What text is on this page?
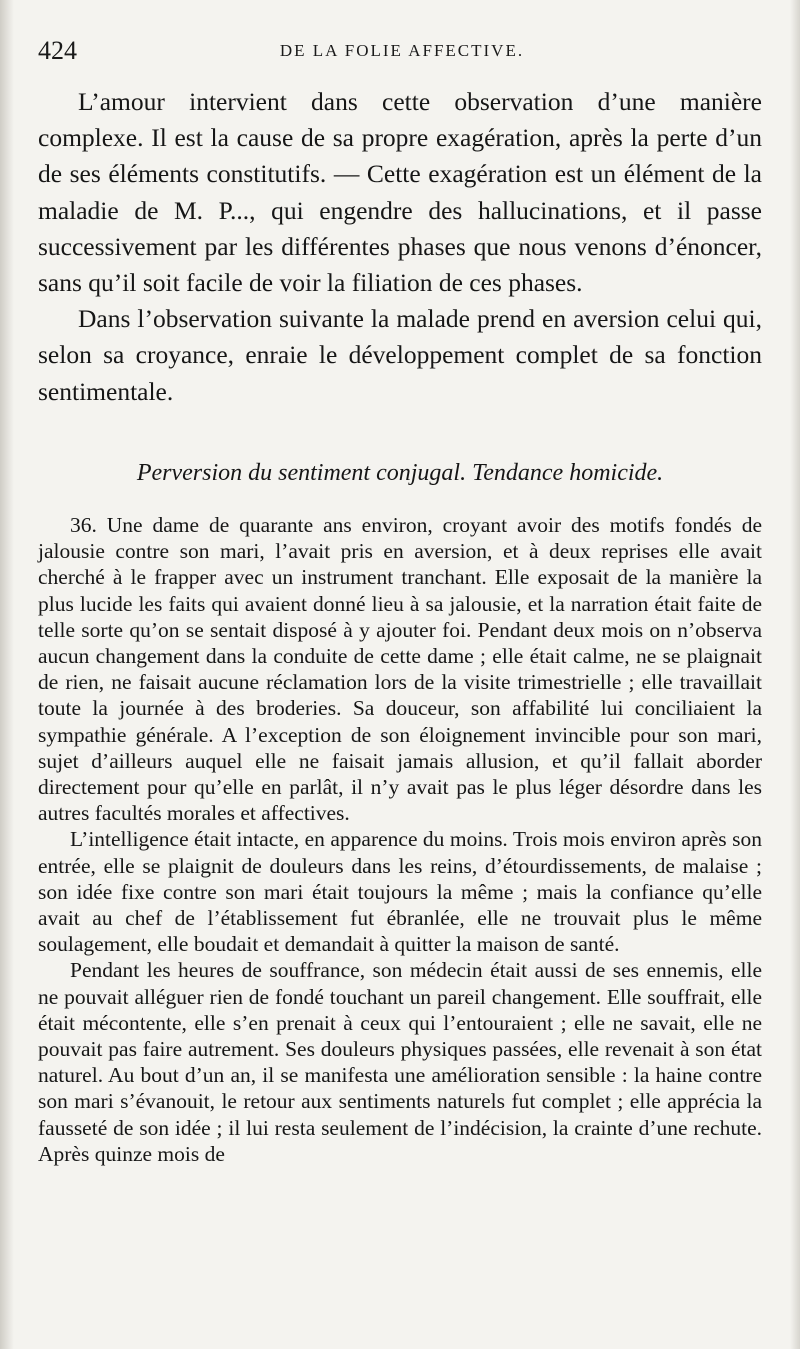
424	DE LA FOLIE AFFECTIVE.

L’amour intervient dans cette observation d’une manière complexe. Il est la cause de sa propre exagération, après la perte d’un de ses éléments constitutifs. — Cette exagération est un élément de la maladie de M. P..., qui engendre des hallucinations, et il passe successivement par les différentes phases que nous venons d’énoncer, sans qu’il soit facile de voir la filiation de ces phases.

Dans l’observation suivante la malade prend en aversion celui qui, selon sa croyance, enraie le développement complet de sa fonction sentimentale.

Perversion du sentiment conjugal. Tendance homicide.

36. Une dame de quarante ans environ, croyant avoir des motifs fondés de jalousie contre son mari, l’avait pris en aversion, et à deux reprises elle avait cherché à le frapper avec un instrument tranchant. Elle exposait de la manière la plus lucide les faits qui avaient donné lieu à sa jalousie, et la narration était faite de telle sorte qu’on se sentait disposé à y ajouter foi. Pendant deux mois on n’observa aucun changement dans la conduite de cette dame ; elle était calme, ne se plaignait de rien, ne faisait aucune réclamation lors de la visite trimestrielle ; elle travaillait toute la journée à des broderies. Sa douceur, son affabilité lui conciliaient la sympathie générale. A l’exception de son éloignement invincible pour son mari, sujet d’ailleurs auquel elle ne faisait jamais allusion, et qu’il fallait aborder directement pour qu’elle en parlât, il n’y avait pas le plus léger désordre dans les autres facultés morales et affectives.

L’intelligence était intacte, en apparence du moins. Trois mois environ après son entrée, elle se plaignit de douleurs dans les reins, d’étourdissements, de malaise ; son idée fixe contre son mari était toujours la même ; mais la confiance qu’elle avait au chef de l’établissement fut ébranlée, elle ne trouvait plus le même soulagement, elle boudait et demandait à quitter la maison de santé.

Pendant les heures de souffrance, son médecin était aussi de ses ennemis, elle ne pouvait alléguer rien de fondé touchant un pareil changement. Elle souffrait, elle était mécontente, elle s’en prenait à ceux qui l’entouraient ; elle ne savait, elle ne pouvait pas faire autrement. Ses douleurs physiques passées, elle revenait à son état naturel. Au bout d’un an, il se manifesta une amélioration sensible : la haine contre son mari s’évanouit, le retour aux sentiments naturels fut complet ; elle apprécia la fausseté de son idée ; il lui resta seulement de l’indécision, la crainte d’une rechute. Après quinze mois de
